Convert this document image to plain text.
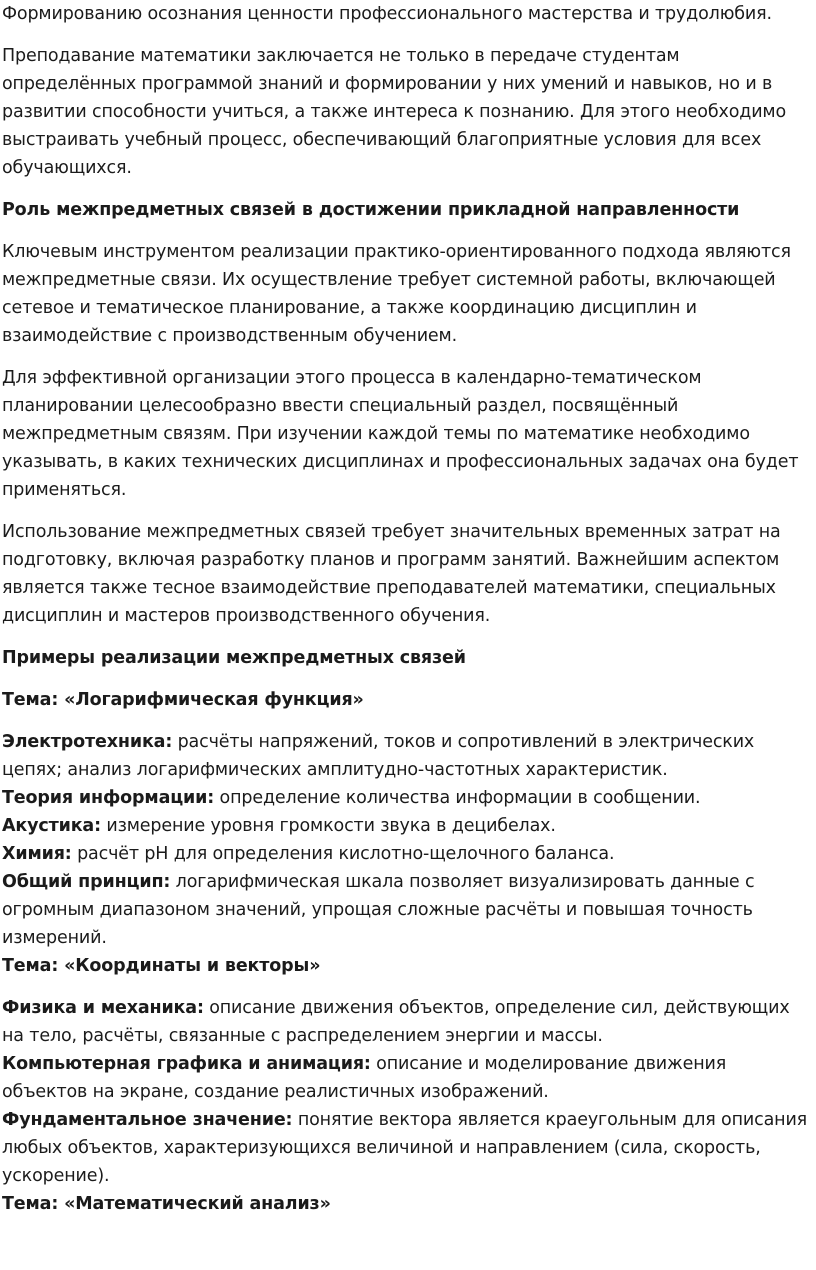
Формированию осознания ценности профессионального мастерства и трудолюбия.

Преподавание математики заключается не только в передаче студентам определённых программой знаний и формировании у них умений и навыков, но и в развитии способности учиться, а также интереса к познанию. Для этого необходимо выстраивать учебный процесс, обеспечивающий благоприятные условия для всех обучающихся.

Роль межпредметных связей в достижении прикладной направленности

Ключевым инструментом реализации практико-ориентированного подхода являются межпредметные связи. Их осуществление требует системной работы, включающей сетевое и тематическое планирование, а также координацию дисциплин и взаимодействие с производственным обучением.

Для эффективной организации этого процесса в календарно-тематическом планировании целесообразно ввести специальный раздел, посвящённый межпредметным связям. При изучении каждой темы по математике необходимо указывать, в каких технических дисциплинах и профессиональных задачах она будет применяться.

Использование межпредметных связей требует значительных временных затрат на подготовку, включая разработку планов и программ занятий. Важнейшим аспектом является также тесное взаимодействие преподавателей математики, специальных дисциплин и мастеров производственного обучения.

Примеры реализации межпредметных связей

Тема: «Логарифмическая функция»

Электротехника: расчёты напряжений, токов и сопротивлений в электрических цепях; анализ логарифмических амплитудно-частотных характеристик.

Теория информации: определение количества информации в сообщении.

Акустика: измерение уровня громкости звука в децибелах.

Химия: расчёт pH для определения кислотно-щелочного баланса.

Общий принцип: логарифмическая шкала позволяет визуализировать данные с огромным диапазоном значений, упрощая сложные расчёты и повышая точность измерений.

Тема: «Координаты и векторы»

Физика и механика: описание движения объектов, определение сил, действующих на тело, расчёты, связанные с распределением энергии и массы.

Компьютерная графика и анимация: описание и моделирование движения объектов на экране, создание реалистичных изображений.

Фундаментальное значение: понятие вектора является краеугольным для описания любых объектов, характеризующихся величиной и направлением (сила, скорость, ускорение).

Тема: «Математический анализ»
